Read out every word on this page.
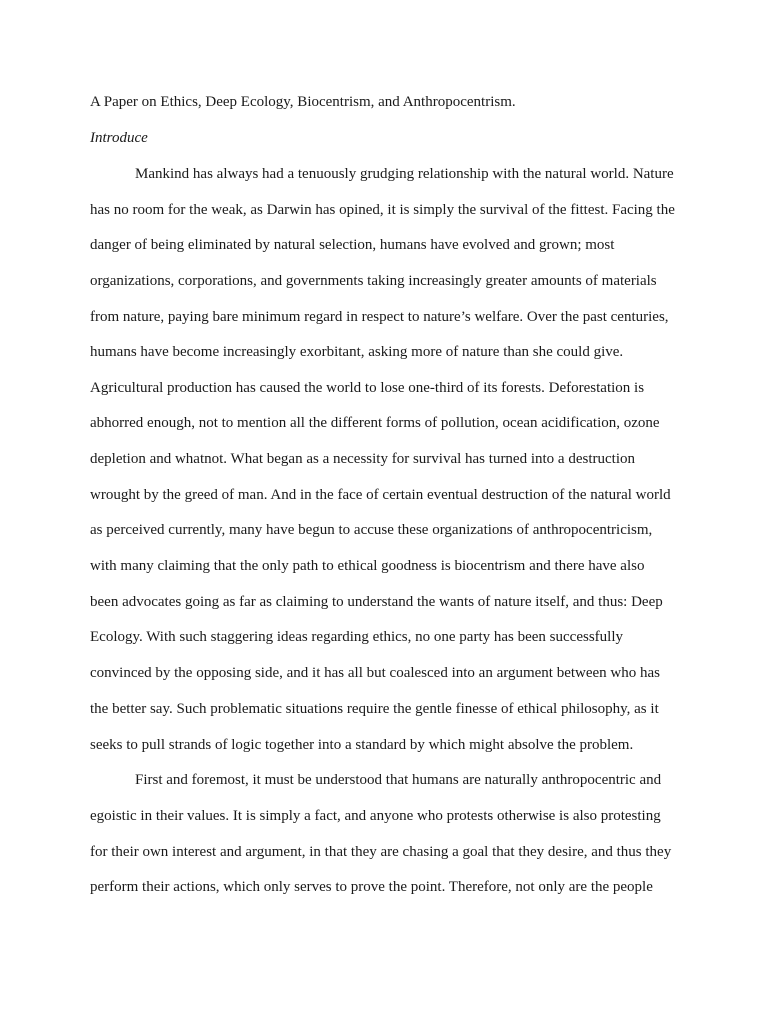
A Paper on Ethics, Deep Ecology, Biocentrism, and Anthropocentrism.

Introduce

Mankind has always had a tenuously grudging relationship with the natural world. Nature

has no room for the weak, as Darwin has opined, it is simply the survival of the fittest. Facing the

danger of being eliminated by natural selection, humans have evolved and grown; most

organizations, corporations, and governments taking increasingly greater amounts of materials

from nature, paying bare minimum regard in respect to nature’s welfare. Over the past centuries,

humans have become increasingly exorbitant, asking more of nature than she could give.

Agricultural production has caused the world to lose one-third of its forests. Deforestation is

abhorred enough, not to mention all the different forms of pollution, ocean acidification, ozone

depletion and whatnot. What began as a necessity for survival has turned into a destruction

wrought by the greed of man. And in the face of certain eventual destruction of the natural world

as perceived currently, many have begun to accuse these organizations of anthropocentricism,

with many claiming that the only path to ethical goodness is biocentrism and there have also

been advocates going as far as claiming to understand the wants of nature itself, and thus: Deep

Ecology. With such staggering ideas regarding ethics, no one party has been successfully

convinced by the opposing side, and it has all but coalesced into an argument between who has

the better say. Such problematic situations require the gentle finesse of ethical philosophy, as it

seeks to pull strands of logic together into a standard by which might absolve the problem.

First and foremost, it must be understood that humans are naturally anthropocentric and

egoistic in their values. It is simply a fact, and anyone who protests otherwise is also protesting

for their own interest and argument, in that they are chasing a goal that they desire, and thus they

perform their actions, which only serves to prove the point. Therefore, not only are the people
